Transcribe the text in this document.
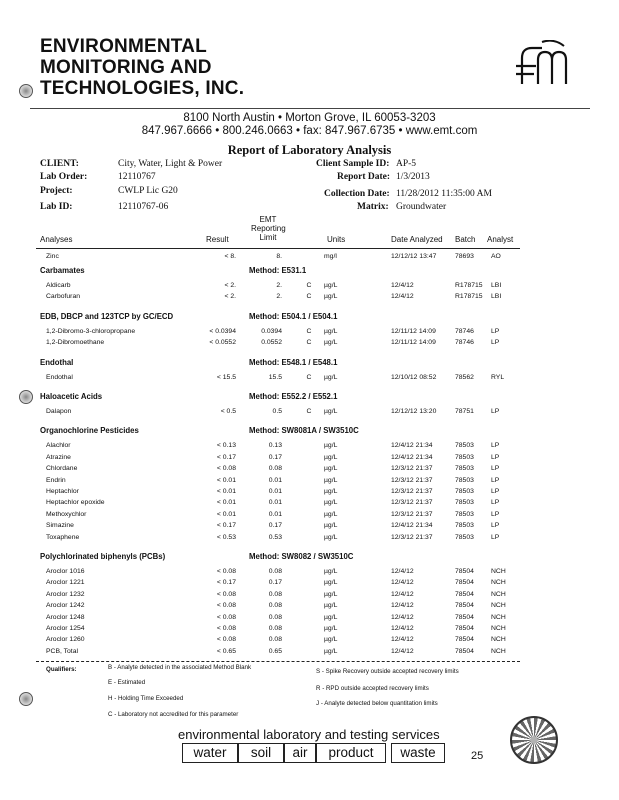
ENVIRONMENTAL
MONITORING AND
TECHNOLOGIES, INC.
8100 North Austin • Morton Grove, IL 60053-3203
847.967.6666 • 800.246.0663 • fax: 847.967.6735 • www.emt.com
Report of Laboratory Analysis
CLIENT:	City, Water, Light & Power
Lab Order:	12110767
Project:	CWLP Lic G20
Lab ID:	12110767-06
Client Sample ID: AP-5
Report Date: 1/3/2013
Collection Date: 11/28/2012 11:35:00 AM
Matrix: Groundwater
Analyses	Result
EMT Reporting Limit	Units	Date Analyzed Batch Analyst
Zinc	< 8.	8.	mg/l	12/12/12 13:47	78693	AO
Carbamates	Method: E531.1
Aldicarb	< 2.	2.	C	µg/L	12/4/12	R178715	LBI
Carbofuran	< 2.	2.	C	µg/L	12/4/12	R178715	LBI
EDB, DBCP and 123TCP by GC/ECD	Method: E504.1 / E504.1
1,2-Dibromo-3-chloropropane	< 0.0394	0.0394	C	µg/L	12/11/12 14:09	78746	LP
1,2-Dibromoethane	< 0.0552	0.0552	C	µg/L	12/11/12 14:09	78746	LP
Endothal	Method: E548.1 / E548.1
Endothal	< 15.5	15.5	C	µg/L	12/10/12 08:52	78562	RYL
Haloacetic Acids	Method: E552.2 / E552.1
Dalapon	< 0.5	0.5	C	µg/L	12/12/12 13:20	78751	LP
Organochlorine Pesticides	Method: SW8081A / SW3510C
Alachlor	< 0.13	0.13	µg/L	12/4/12 21:34	78503	LP
Atrazine	< 0.17	0.17	µg/L	12/4/12 21:34	78503	LP
Chlordane	< 0.08	0.08	µg/L	12/3/12 21:37	78503	LP
Endrin	< 0.01	0.01	µg/L	12/3/12 21:37	78503	LP
Heptachlor	< 0.01	0.01	µg/L	12/3/12 21:37	78503	LP
Heptachlor epoxide	< 0.01	0.01	µg/L	12/3/12 21:37	78503	LP
Methoxychlor	< 0.01	0.01	µg/L	12/3/12 21:37	78503	LP
Simazine	< 0.17	0.17	µg/L	12/4/12 21:34	78503	LP
Toxaphene	< 0.53	0.53	µg/L	12/3/12 21:37	78503	LP
Polychlorinated biphenyls (PCBs)	Method: SW8082 / SW3510C
Aroclor 1016	< 0.08	0.08	µg/L	12/4/12	78504	NCH
Aroclor 1221	< 0.17	0.17	µg/L	12/4/12	78504	NCH
Aroclor 1232	< 0.08	0.08	µg/L	12/4/12	78504	NCH
Aroclor 1242	< 0.08	0.08	µg/L	12/4/12	78504	NCH
Aroclor 1248	< 0.08	0.08	µg/L	12/4/12	78504	NCH
Aroclor 1254	< 0.08	0.08	µg/L	12/4/12	78504	NCH
Aroclor 1260	< 0.08	0.08	µg/L	12/4/12	78504	NCH
PCB, Total	< 0.65	0.65	µg/L	12/4/12	78504	NCH
Qualifiers:	B - Analyte detected in the associated Method Blank
E - Estimated
H - Holding Time Exceeded
C - Laboratory not accredited for this parameter
S - Spike Recovery outside accepted recovery limits
R - RPD outside accepted recovery limits
J - Analyte detected below quantitation limits
environmental laboratory and testing services
water	soil	air	product	waste	25
